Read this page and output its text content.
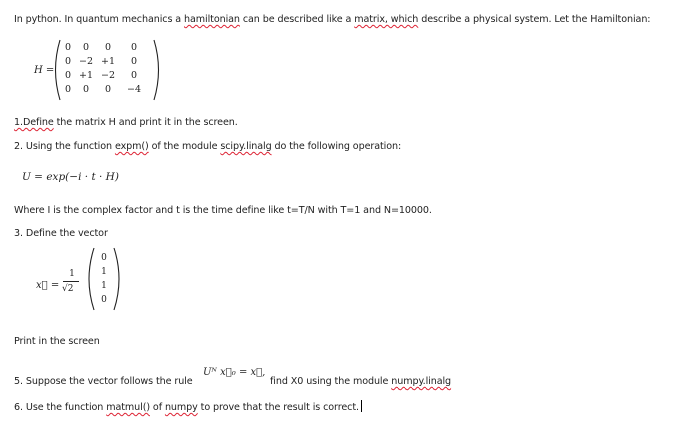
In python. In quantum mechanics a hamiltonian can be described like a matrix, which describe a physical system. Let the Hamiltonian:
H =
0	0	0	0
0 −2 +1	0
0 +1 −2	0
0	0	0	−4
1.Define the matrix H and print it in the screen.
2. Using the function expm() of the module scipy.linalg do the following operation:
U = exp(−i · t · H)
Where I is the complex factor and t is the time define like t=T/N with T=1 and N=10000.
3. Define the vector
x⃗ =
1
√2
0
1
1
0
Print in the screen
5. Suppose the vector follows the rule
Uᴺ x⃗₀ = x⃗,
find X0 using the module numpy.linalg
6. Use the function matmul() of numpy to prove that the result is correct.
